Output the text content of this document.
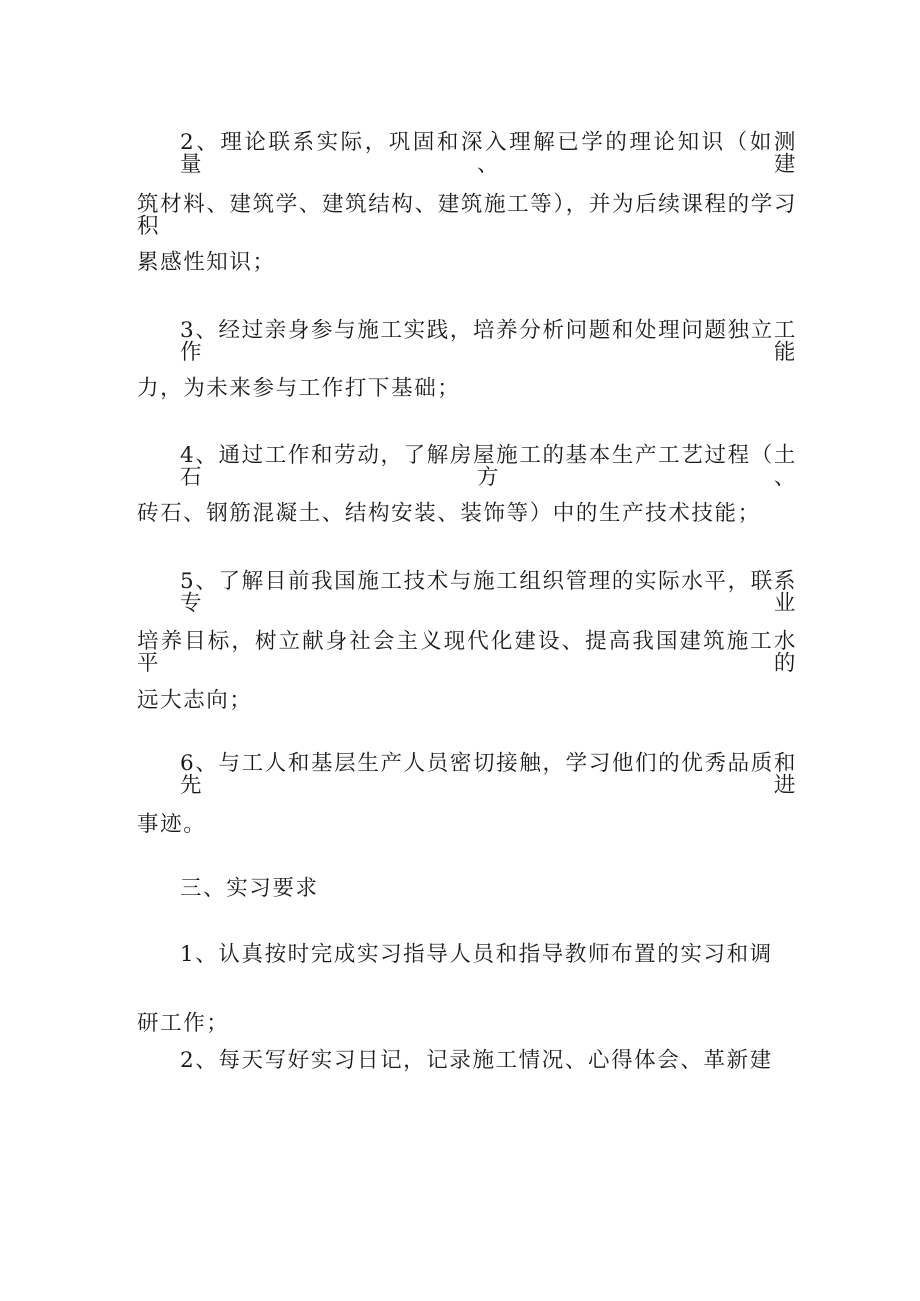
2、理论联系实际，巩固和深入理解已学的理论知识（如测量、建
筑材料、建筑学、建筑结构、建筑施工等），并为后续课程的学习积
累感性知识；
3、经过亲身参与施工实践，培养分析问题和处理问题独立工作能
力，为未来参与工作打下基础；
4、通过工作和劳动，了解房屋施工的基本生产工艺过程（土石方、
砖石、钢筋混凝土、结构安装、装饰等）中的生产技术技能；
5、了解目前我国施工技术与施工组织管理的实际水平，联系专业
培养目标，树立献身社会主义现代化建设、提高我国建筑施工水平的
远大志向；
6、与工人和基层生产人员密切接触，学习他们的优秀品质和先进
事迹。
三、实习要求
1、认真按时完成实习指导人员和指导教师布置的实习和调
研工作；
2、每天写好实习日记，记录施工情况、心得体会、革新建
